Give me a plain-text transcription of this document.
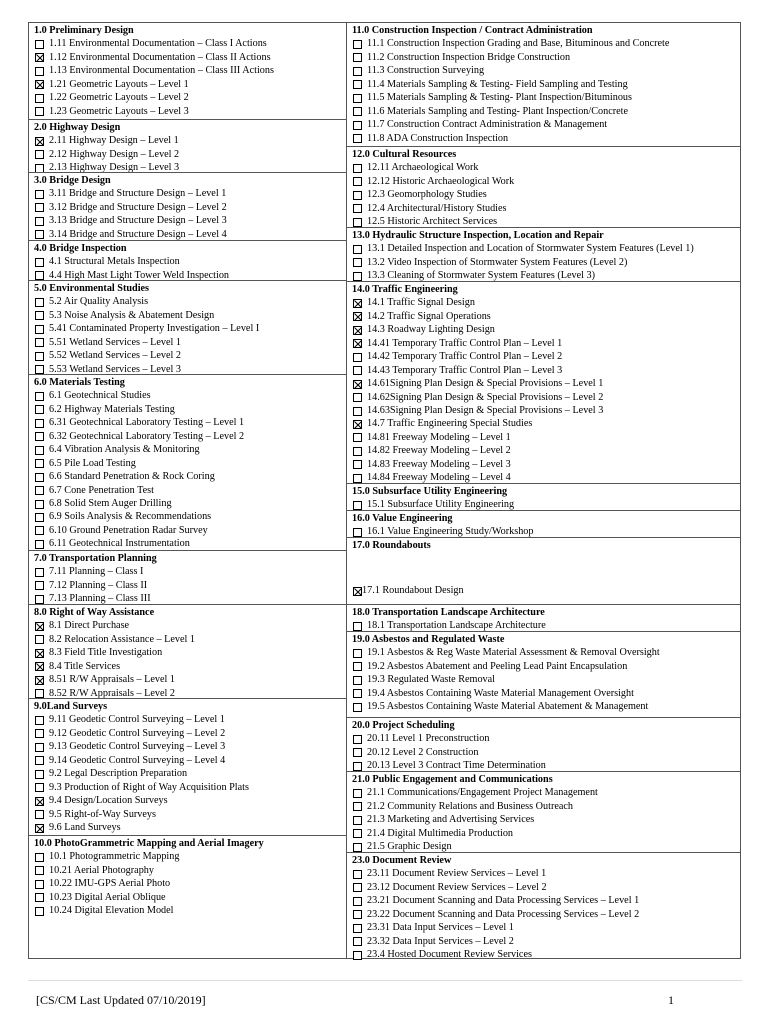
1.0 Preliminary Design
1.11 Environmental Documentation – Class I Actions
1.12 Environmental Documentation – Class II Actions
1.13 Environmental Documentation – Class III Actions
1.21 Geometric Layouts – Level 1
1.22 Geometric Layouts – Level 2
1.23 Geometric Layouts – Level 3
2.0 Highway Design
2.11 Highway Design – Level 1
2.12 Highway Design – Level 2
2.13 Highway Design – Level 3
3.0 Bridge Design
3.11 Bridge and Structure Design – Level 1
3.12 Bridge and Structure Design – Level 2
3.13 Bridge and Structure Design – Level 3
3.14 Bridge and Structure Design – Level 4
4.0 Bridge Inspection
4.1 Structural Metals Inspection
4.4 High Mast Light Tower Weld Inspection
5.0 Environmental Studies
5.2 Air Quality Analysis
5.3 Noise Analysis & Abatement Design
5.41 Contaminated Property Investigation – Level I
5.51 Wetland Services – Level 1
5.52 Wetland Services – Level 2
5.53 Wetland Services – Level 3
6.0 Materials Testing
6.1 Geotechnical Studies
6.2 Highway Materials Testing
6.31 Geotechnical Laboratory Testing – Level 1
6.32 Geotechnical Laboratory Testing – Level 2
6.4 Vibration Analysis & Monitoring
6.5 Pile Load Testing
6.6 Standard Penetration & Rock Coring
6.7 Cone Penetration Test
6.8 Solid Stem Auger Drilling
6.9 Soils Analysis & Recommendations
6.10 Ground Penetration Radar Survey
6.11 Geotechnical Instrumentation
7.0 Transportation Planning
7.11 Planning – Class I
7.12 Planning – Class II
7.13 Planning – Class III
8.0 Right of Way Assistance
8.1 Direct Purchase
8.2 Relocation Assistance – Level 1
8.3 Field Title Investigation
8.4 Title Services
8.51 R/W Appraisals – Level 1
8.52 R/W Appraisals – Level 2
9.0Land Surveys
9.11 Geodetic Control Surveying – Level 1
9.12 Geodetic Control Surveying – Level 2
9.13 Geodetic Control Surveying – Level 3
9.14 Geodetic Control Surveying – Level 4
9.2 Legal Description Preparation
9.3 Production of Right of Way Acquisition Plats
9.4 Design/Location Surveys
9.5 Right-of-Way Surveys
9.6 Land Surveys
10.0 PhotoGrammetric Mapping and Aerial Imagery
10.1 Photogrammetric Mapping
10.21 Aerial Photography
10.22 IMU-GPS Aerial Photo
10.23 Digital Aerial Oblique
10.24 Digital Elevation Model
11.0 Construction Inspection / Contract Administration
11.1 Construction Inspection Grading and Base, Bituminous and Concrete
11.2 Construction Inspection Bridge Construction
11.3 Construction Surveying
11.4 Materials Sampling & Testing- Field Sampling and Testing
11.5 Materials Sampling & Testing- Plant Inspection/Bituminous
11.6 Materials Sampling and Testing- Plant Inspection/Concrete
11.7 Construction Contract Administration & Management
11.8 ADA Construction Inspection
12.0 Cultural Resources
12.11 Archaeological Work
12.12 Historic Archaeological Work
12.3 Geomorphology Studies
12.4 Architectural/History Studies
12.5 Historic Architect Services
13.0 Hydraulic Structure Inspection, Location and Repair
13.1 Detailed Inspection and Location of Stormwater System Features (Level 1)
13.2 Video Inspection of Stormwater System Features (Level 2)
13.3 Cleaning of Stormwater System Features (Level 3)
14.0 Traffic Engineering
14.1 Traffic Signal Design
14.2 Traffic Signal Operations
14.3 Roadway Lighting Design
14.41 Temporary Traffic Control Plan – Level 1
14.42 Temporary Traffic Control Plan – Level 2
14.43 Temporary Traffic Control Plan – Level 3
14.61Signing Plan Design & Special Provisions – Level 1
14.62Signing Plan Design & Special Provisions – Level 2
14.63Signing Plan Design & Special Provisions – Level 3
14.7 Traffic Engineering Special Studies
14.81 Freeway Modeling – Level 1
14.82 Freeway Modeling – Level 2
14.83 Freeway Modeling – Level 3
14.84 Freeway Modeling – Level 4
15.0 Subsurface Utility Engineering
15.1 Subsurface Utility Engineering
16.0 Value Engineering
16.1 Value Engineering Study/Workshop
17.0 Roundabouts
17.1 Roundabout Design
18.0 Transportation Landscape Architecture
18.1 Transportation Landscape Architecture
19.0 Asbestos and Regulated Waste
19.1 Asbestos & Reg Waste Material Assessment & Removal Oversight
19.2 Asbestos Abatement and Peeling Lead Paint Encapsulation
19.3 Regulated Waste Removal
19.4 Asbestos Containing Waste Material Management Oversight
19.5 Asbestos Containing Waste Material Abatement & Management
20.0 Project Scheduling
20.11 Level 1 Preconstruction
20.12 Level 2 Construction
20.13 Level 3 Contract Time Determination
21.0 Public Engagement and Communications
21.1 Communications/Engagement Project Management
21.2 Community Relations and Business Outreach
21.3 Marketing and Advertising Services
21.4 Digital Multimedia Production
21.5 Graphic Design
23.0 Document Review
23.11 Document Review Services – Level 1
23.12 Document Review Services – Level 2
23.21 Document Scanning and Data Processing Services – Level 1
23.22 Document Scanning and Data Processing Services – Level 2
23.31 Data Input Services – Level 1
23.32 Data Input Services – Level 2
23.4 Hosted Document Review Services
[CS/CM Last Updated 07/10/2019]	1
